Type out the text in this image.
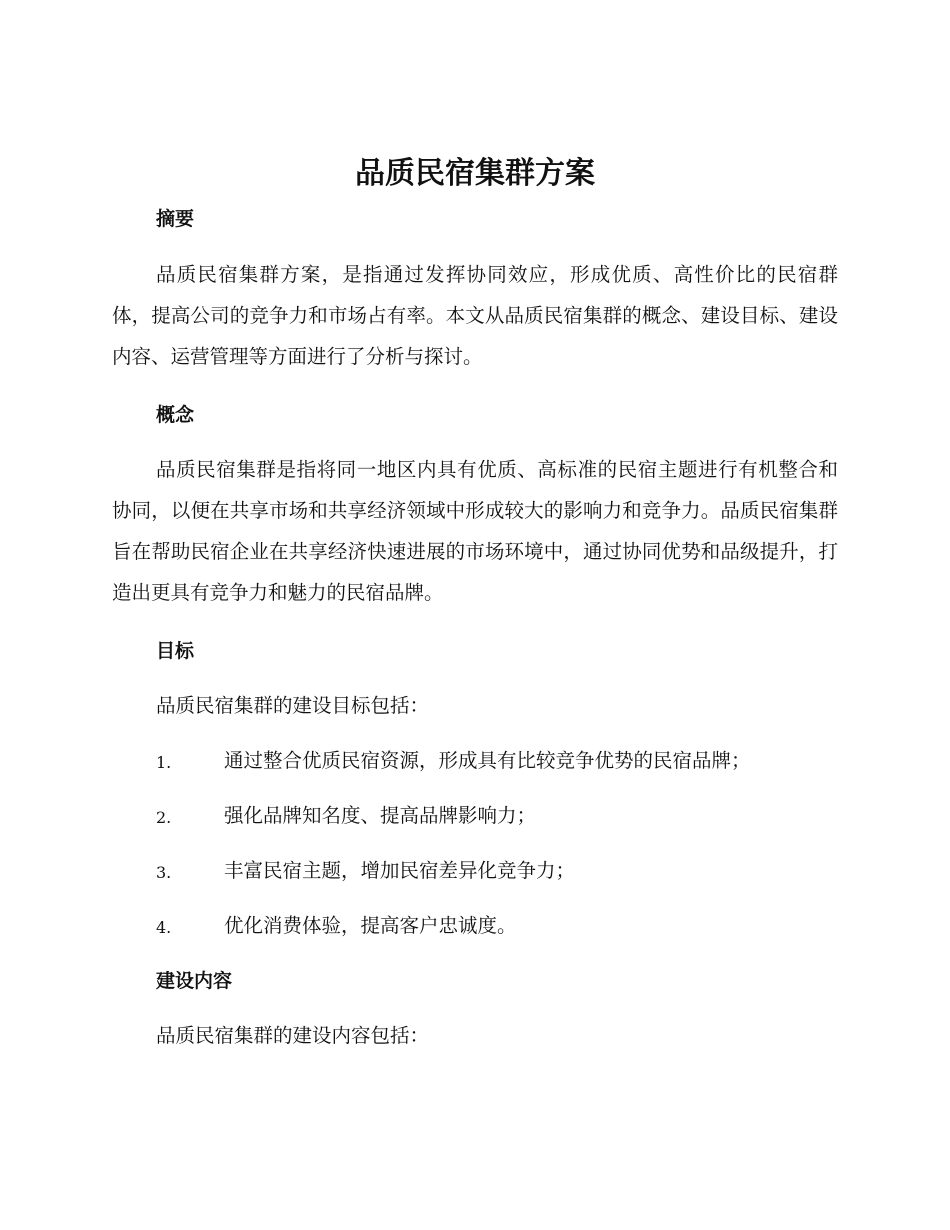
品质民宿集群方案
摘要

品质民宿集群方案，是指通过发挥协同效应，形成优质、高性价比的民宿群体，提高公司的竞争力和市场占有率。本文从品质民宿集群的概念、建设目标、建设内容、运营管理等方面进行了分析与探讨。

概念

品质民宿集群是指将同一地区内具有优质、高标准的民宿主题进行有机整合和协同，以便在共享市场和共享经济领域中形成较大的影响力和竞争力。品质民宿集群旨在帮助民宿企业在共享经济快速进展的市场环境中，通过协同优势和品级提升，打造出更具有竞争力和魅力的民宿品牌。

目标

品质民宿集群的建设目标包括：

1.	通过整合优质民宿资源，形成具有比较竞争优势的民宿品牌；
2.	强化品牌知名度、提高品牌影响力；
3.	丰富民宿主题，增加民宿差异化竞争力；
4.	优化消费体验，提高客户忠诚度。
建设内容

品质民宿集群的建设内容包括：
